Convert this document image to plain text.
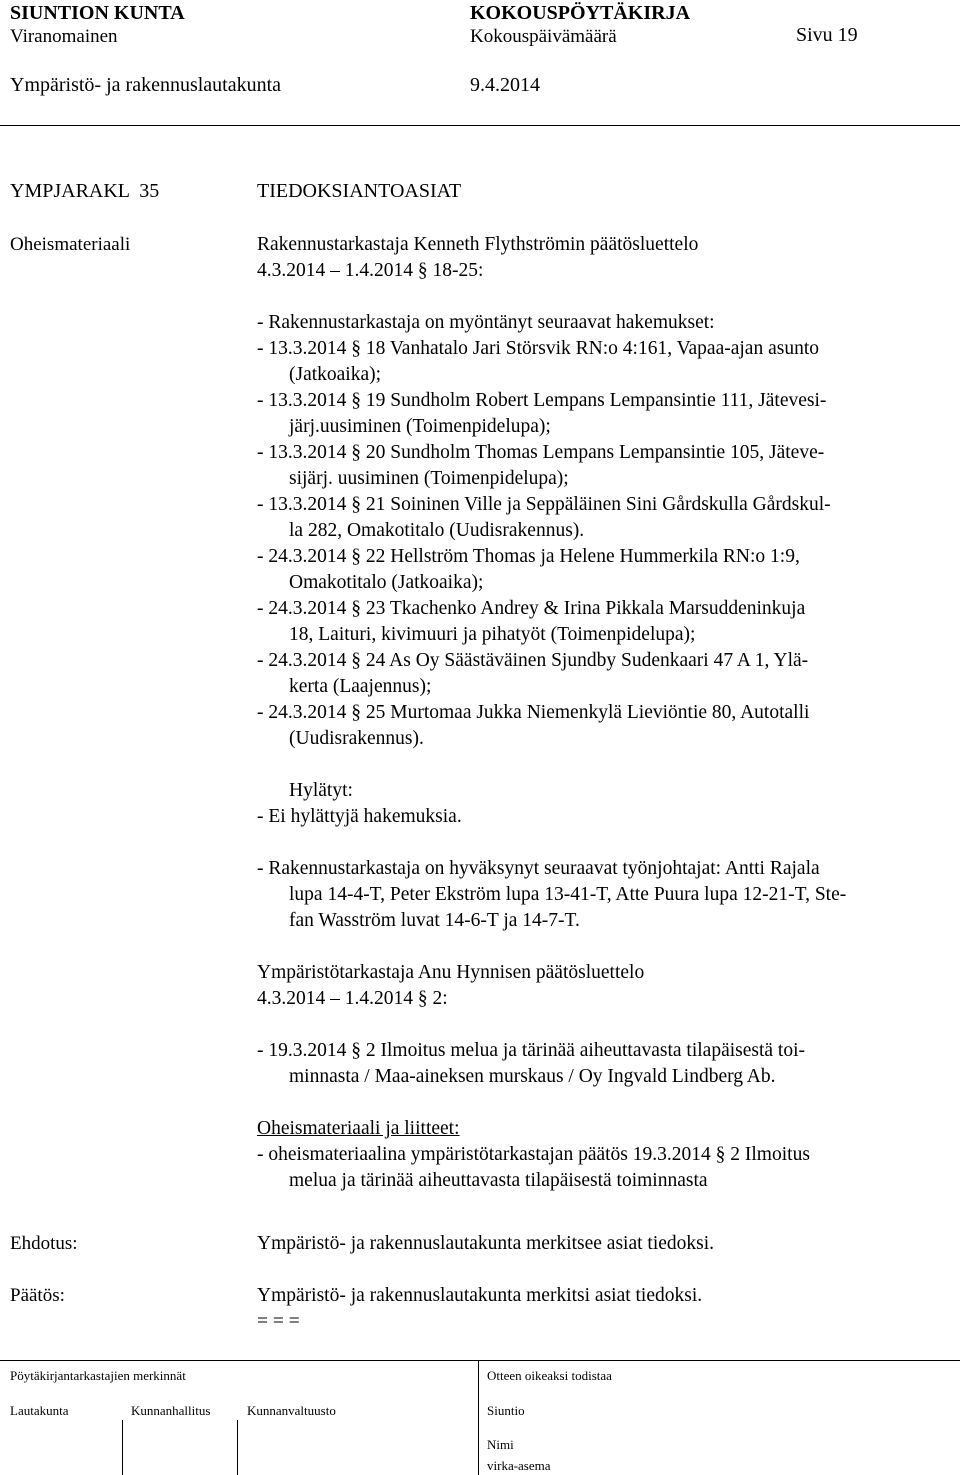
SIUNTION KUNTA	KOKOUSPÖYTÄKIRJA
Viranomainen	Kokouspäivämäärä	Sivu 19
Ympäristö- ja rakennuslautakunta	9.4.2014
YMPJARAKL  35	TIEDOKSIANTOASIAT
Oheismateriaali	Rakennustarkastaja Kenneth Flythströmin päätösluettelo
4.3.2014 – 1.4.2014 § 18-25:
- Rakennustarkastaja on myöntänyt seuraavat hakemukset:
- 13.3.2014 § 18 Vanhatalo Jari Störsvik RN:o 4:161, Vapaa-ajan asunto
(Jatkoaika);
- 13.3.2014 § 19 Sundholm Robert Lempans Lempansintie 111, Jätevesi-
järj.uusiminen (Toimenpidelupa);
- 13.3.2014 § 20 Sundholm Thomas Lempans Lempansintie 105, Jäteve-
sijärj. uusiminen (Toimenpidelupa);
- 13.3.2014 § 21 Soininen Ville ja Seppäläinen Sini Gårdskulla Gårdskul-
la 282, Omakotitalo (Uudisrakennus).
- 24.3.2014 § 22 Hellström Thomas ja Helene Hummerkila RN:o 1:9,
Omakotitalo (Jatkoaika);
- 24.3.2014 § 23 Tkachenko Andrey & Irina Pikkala Marsuddeninkuja
18, Laituri, kivimuuri ja pihatyöt (Toimenpidelupa);
- 24.3.2014 § 24 As Oy Säästäväinen Sjundby Sudenkaari 47 A 1, Ylä-
kerta (Laajennus);
- 24.3.2014 § 25 Murtomaa Jukka Niemenkylä Lieviöntie 80, Autotalli
(Uudisrakennus).
Hylätyt:
- Ei hylättyjä hakemuksia.
- Rakennustarkastaja on hyväksynyt seuraavat työnjohtajat: Antti Rajala
lupa 14-4-T, Peter Ekström lupa 13-41-T, Atte Puura lupa 12-21-T, Ste-
fan Wasström luvat 14-6-T ja 14-7-T.
Ympäristötarkastaja Anu Hynnisen päätösluettelo
4.3.2014 – 1.4.2014 § 2:
- 19.3.2014 § 2 Ilmoitus melua ja tärinää aiheuttavasta tilapäisestä toi-
minnasta / Maa-aineksen murskaus / Oy Ingvald Lindberg Ab.
Oheismateriaali ja liitteet:
- oheismateriaalina ympäristötarkastajan päätös 19.3.2014 § 2 Ilmoitus
melua ja tärinää aiheuttavasta tilapäisestä toiminnasta
Ehdotus:	Ympäristö- ja rakennuslautakunta merkitsee asiat tiedoksi.
Päätös:	Ympäristö- ja rakennuslautakunta merkitsi asiat tiedoksi.
= = =
Pöytäkirjantarkastajien merkinnät	Otteen oikeaksi todistaa
Lautakunta	Kunnanhallitus	Kunnanvaltuusto	Siuntio
Nimi
virka-asema
